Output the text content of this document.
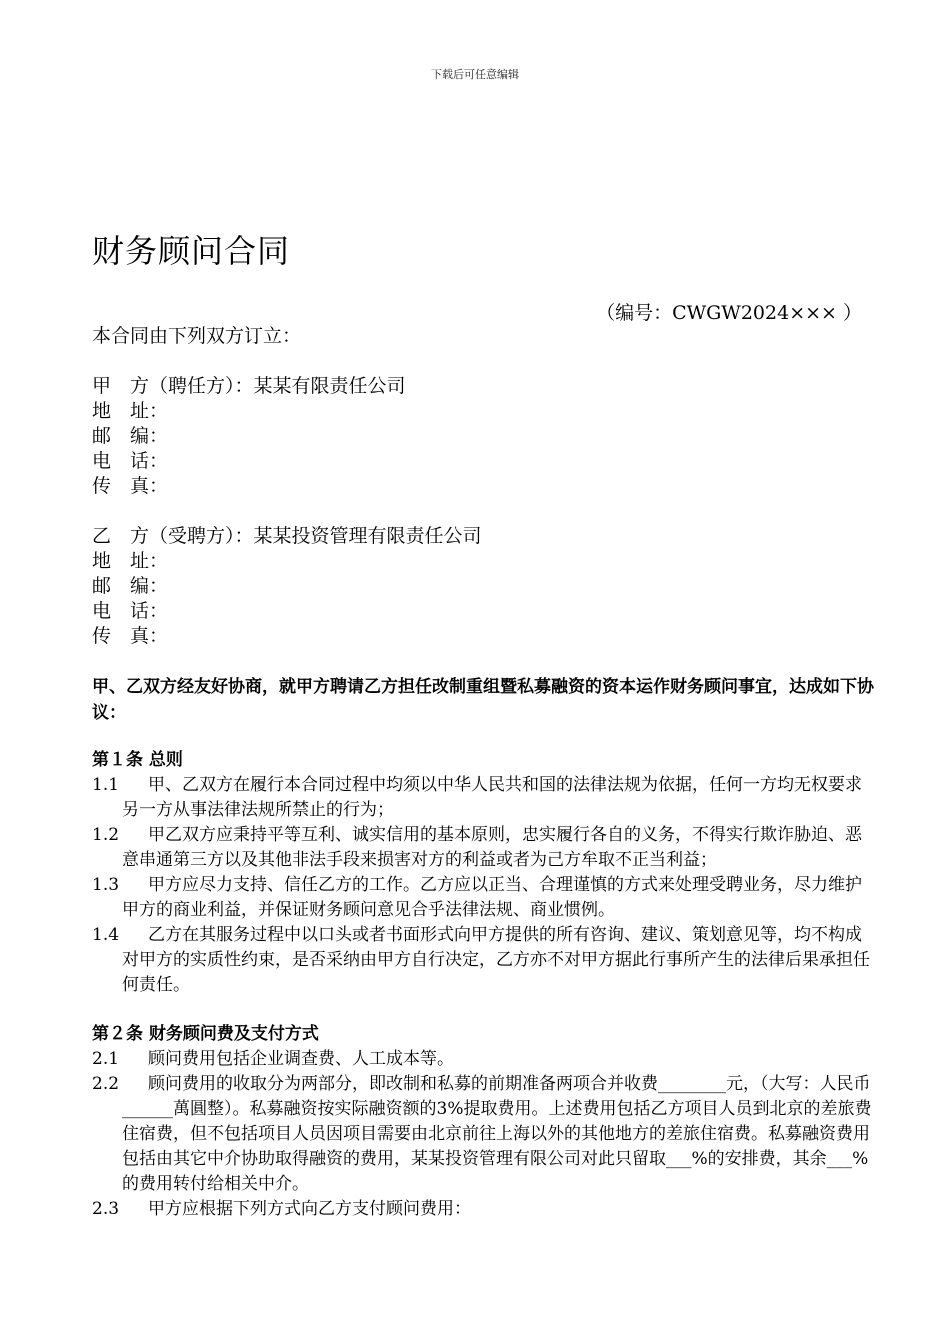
下载后可任意编辑
财务顾问合同
（编号：CWGW2024××× ）
本合同由下列双方订立：
甲　方（聘任方）：某某有限责任公司
地　址：
邮　编：
电　话：
传　真：
乙　方（受聘方）：某某投资管理有限责任公司
地　址：
邮　编：
电　话：
传　真：
甲、乙双方经友好协商，就甲方聘请乙方担任改制重组暨私募融资的资本运作财务顾问事宜，达成如下协议：
第１条 总则
1.1 甲、乙双方在履行本合同过程中均须以中华人民共和国的法律法规为依据，任何一方均无权要求另一方从事法律法规所禁止的行为；
1.2 甲乙双方应秉持平等互利、诚实信用的基本原则，忠实履行各自的义务，不得实行欺诈胁迫、恶意串通第三方以及其他非法手段来损害对方的利益或者为己方牟取不正当利益；
1.3 甲方应尽力支持、信任乙方的工作。乙方应以正当、合理谨慎的方式来处理受聘业务，尽力维护甲方的商业利益，并保证财务顾问意见合乎法律法规、商业惯例。
1.4 乙方在其服务过程中以口头或者书面形式向甲方提供的所有咨询、建议、策划意见等，均不构成对甲方的实质性约束，是否采纳由甲方自行决定，乙方亦不对甲方据此行事所产生的法律后果承担任何责任。
第２条 财务顾问费及支付方式
2.1 顾问费用包括企业调查费、人工成本等。
2.2 顾问费用的收取分为两部分，即改制和私募的前期准备两项合并收费________元，（大写：人民币______萬圓整）。私募融资按实际融资额的3%提取费用。上述费用包括乙方项目人员到北京的差旅费住宿费，但不包括项目人员因项目需要由北京前往上海以外的其他地方的差旅住宿费。私募融资费用包括由其它中介协助取得融资的费用，某某投资管理有限公司对此只留取___%的安排费，其余___%的费用转付给相关中介。
2.3 甲方应根据下列方式向乙方支付顾问费用：
